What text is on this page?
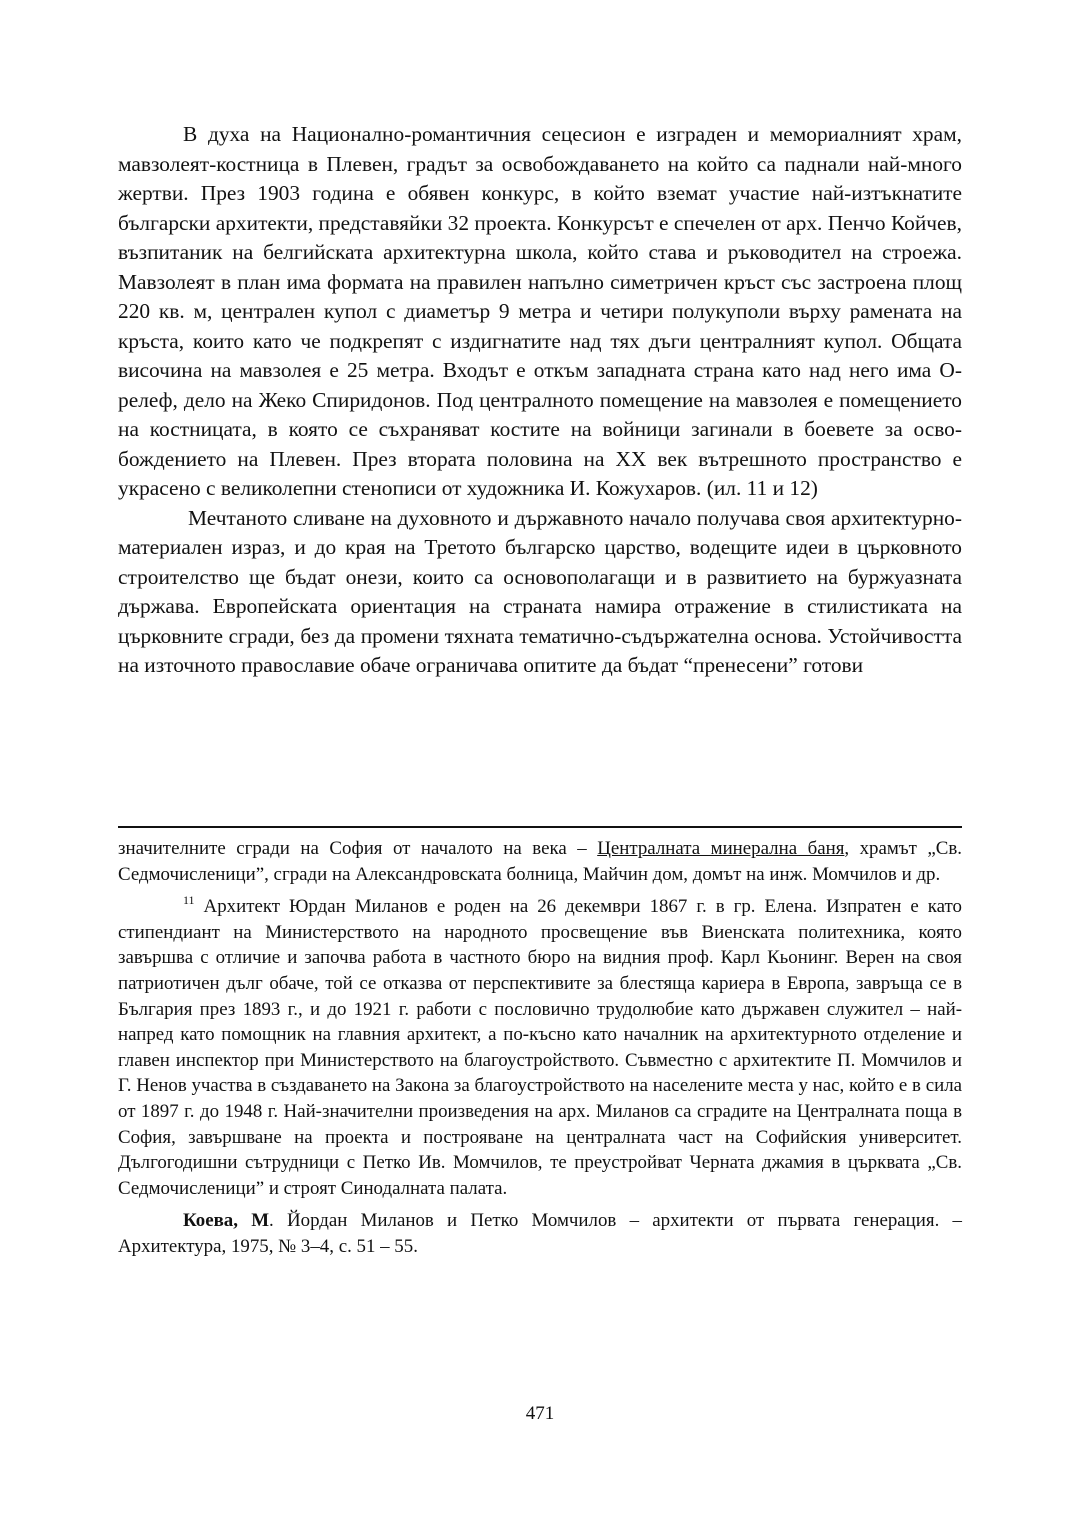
В духа на Национално-романтичния сецесион е изграден и мемориалният храм, мавзолеят-костница в Плевен, градът за освобождаването на който са паднали най-много жертви. През 1903 година е обявен конкурс, в който вземат участие най-изтъкнатите български архитекти, представяйки 32 проекта. Конкурсът е спечелен от арх. Пенчо Койчев, възпитаник на белгийската архитектурна школа, който става и ръководител на строежа. Мавзолеят в план има формата на правилен напълно симетричен кръст със застроена площ 220 кв. м, централен купол с диаметър 9 метра и четири полукуполи върху рамената на кръста, които като че подкрепят с издигнатите над тях дъги централният купол. Общата височина на мавзолея е 25 метра. Входът е откъм западната страна като над него има О-релеф, дело на Жеко Спиридонов. Под централното помещение на мавзолея е помещението на костницата, в която се съхраняват костите на войници загинали в боевете за освобождението на Плевен. През втората половина на ХХ век вътрешното пространство е украсено с великолепни стенописи от художника И. Кожухаров. (ил. 11 и 12)

Мечтаното сливане на духовното и държавното начало получава своя архитектурно-материален израз, и до края на Третото българско царство, водещите идеи в църковното строителство ще бъдат онези, които са основополагащи и в развитието на буржуазната държава. Европейската ориентация на страната намира отражение в стилистиката на църковните сгради, без да промени тяхната тематично-съдържателна основа. Устойчивостта на източното православие обаче ограничава опитите да бъдат “пренесени” готови

значителните сгради на София от началото на века – Централната минерална баня, храмът „Св. Седмочисленици”, сгради на Александровската болница, Майчин дом, домът на инж. Момчилов и др.

$^{11}$ Архитект Юрдан Миланов е роден на 26 декември 1867 г. в гр. Елена. Изпратен е като стипендиант на Министерството на народното просвещение във Виенската политехника, която завършва с отличие и започва работа в частното бюро на видния проф. Карл Кьонинг. Верен на своя патриотичен дълг обаче, той се отказва от перспективите за блестяща кариера в Европа, завръща се в България през 1893 г., и до 1921 г. работи с пословично трудолюбие като държавен служител – най-напред като помощник на главния архитект, а по-късно като началник на архитектурното отделение и главен инспектор при Министерството на благоустройството. Съвместно с архитектите П. Момчилов и Г. Ненов участва в създаването на Закона за благоустройството на населените места у нас, който е в сила от 1897 г. до 1948 г. Най-значителни произведения на арх. Миланов са сградите на Централната поща в София, завършване на проекта и построяване на централната част на Софийския университет. Дългогодишни сътрудници с Петко Ив. Момчилов, те преустройват Черната джамия в църквата „Св. Седмочисленици” и строят Синодалната палата.

Коева, М. Йордан Миланов и Петко Момчилов – архитекти от първата генерация. – Архитектура, 1975, № 3–4, с. 51 – 55.

471
